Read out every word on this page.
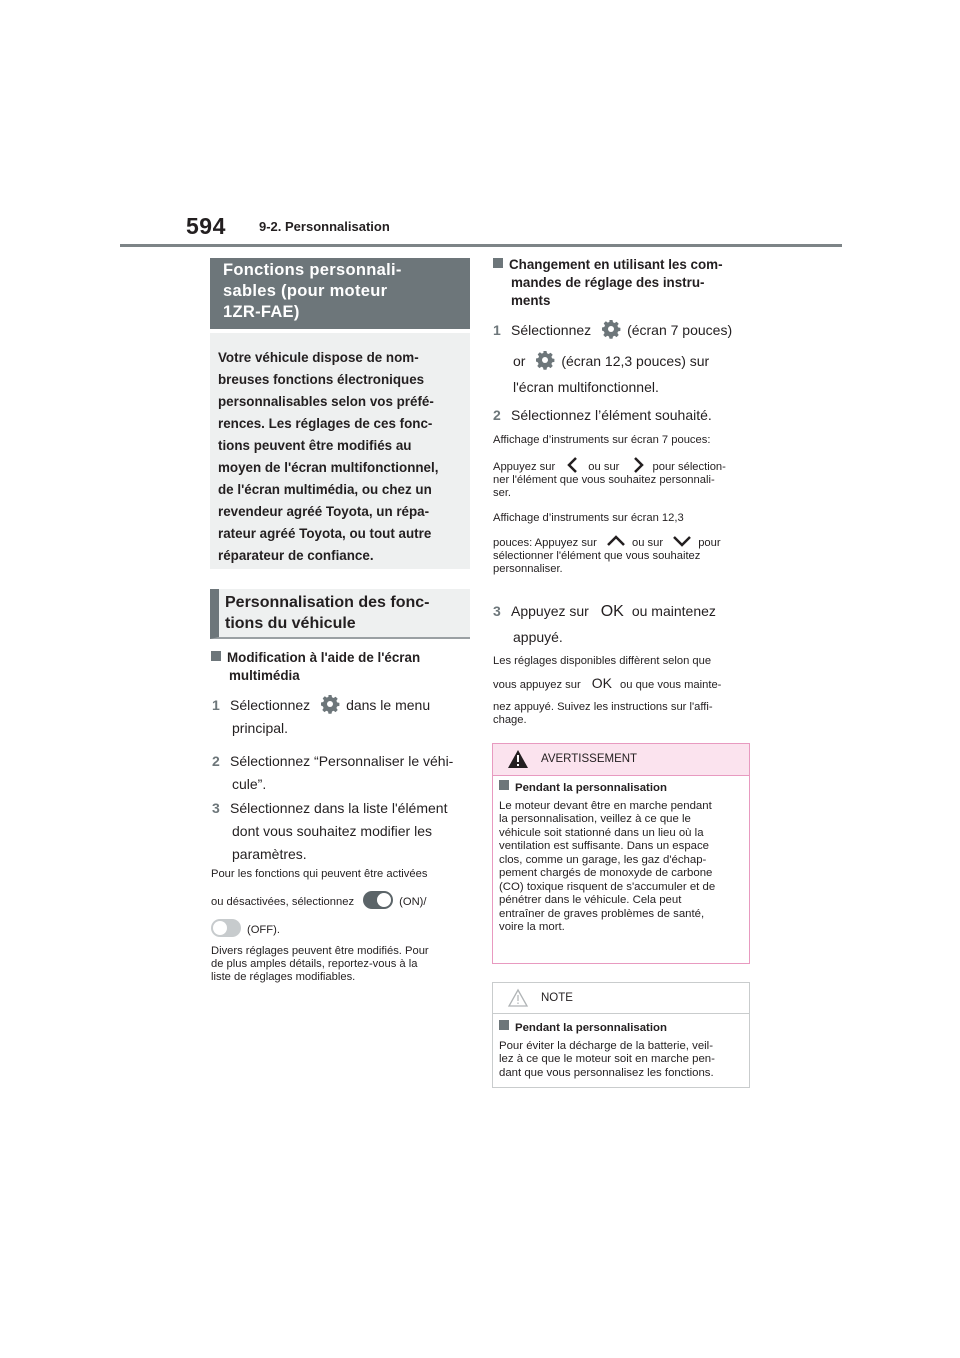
594	9-2. Personnalisation
Fonctions personnali-
sables (pour moteur
1ZR-FAE)
Votre véhicule dispose de nom-
breuses fonctions électroniques
personnalisables selon vos préfé-
rences. Les réglages de ces fonc-
tions peuvent être modifiés au
moyen de l'écran multifonctionnel,
de l'écran multimédia, ou chez un
revendeur agréé Toyota, un répa-
rateur agréé Toyota, ou tout autre
réparateur de confiance.
Personnalisation des fonc-
tions du véhicule
Modification à l'aide de l'écran
multimédia
1 Sélectionnez	dans le menu
principal.
2 Sélectionnez “Personnaliser le véhi-
cule”.
3 Sélectionnez dans la liste l'élément
dont vous souhaitez modifier les
paramètres.
Pour les fonctions qui peuvent être activées
ou désactivées, sélectionnez	(ON)/
(OFF).
Divers réglages peuvent être modifiés. Pour
de plus amples détails, reportez-vous à la
liste de réglages modifiables.
Changement en utilisant les com-
mandes de réglage des instru-
ments
1 Sélectionnez	(écran 7 pouces)
or	(écran 12,3 pouces) sur
l'écran multifonctionnel.
2 Sélectionnez l’élément souhaité.
Affichage d’instruments sur écran 7 pouces:
Appuyez sur	ou sur	pour sélection-
ner l'élément que vous souhaitez personnali-
ser.
Affichage d’instruments sur écran 12,3
pouces: Appuyez sur	ou sur	pour
sélectionner l'élément que vous souhaitez
personnaliser.
3 Appuyez sur OK ou maintenez
appuyé.
Les réglages disponibles diffèrent selon que
vous appuyez sur OK ou que vous mainte-
nez appuyé. Suivez les instructions sur l'affi-
chage.
AVERTISSEMENT
Pendant la personnalisation
Le moteur devant être en marche pendant
la personnalisation, veillez à ce que le
véhicule soit stationné dans un lieu où la
ventilation est suffisante. Dans un espace
clos, comme un garage, les gaz d'échap-
pement chargés de monoxyde de carbone
(CO) toxique risquent de s'accumuler et de
pénétrer dans le véhicule. Cela peut
entraîner de graves problèmes de santé,
voire la mort.
NOTE
Pendant la personnalisation
Pour éviter la décharge de la batterie, veil-
lez à ce que le moteur soit en marche pen-
dant que vous personnalisez les fonctions.
